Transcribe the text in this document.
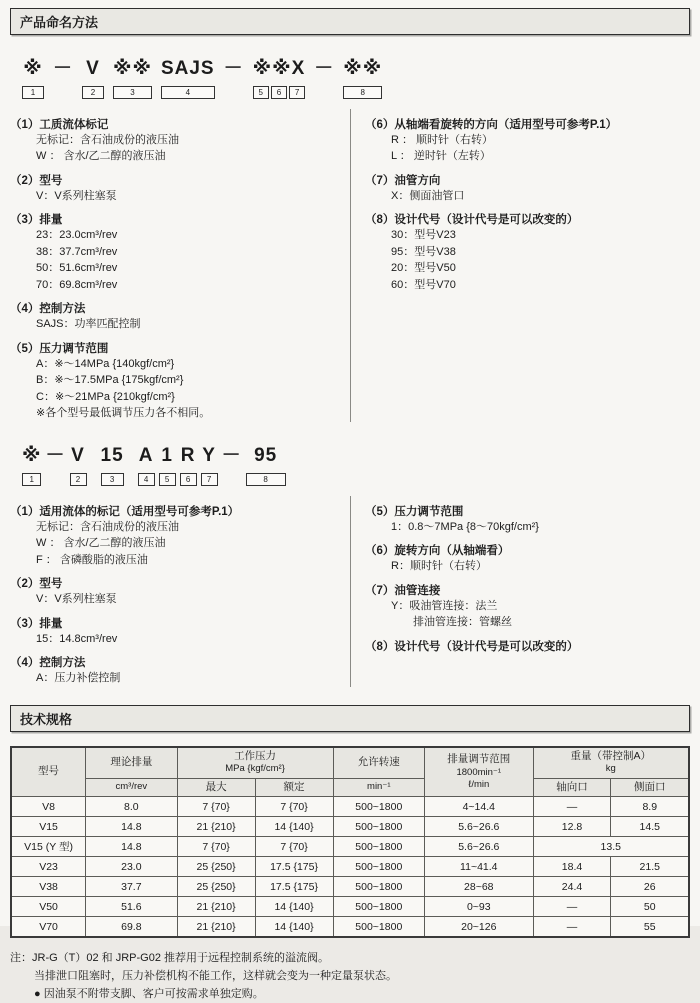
产品命名方法
※
1
－ V
2
※※
3
SAJS
4
－ ※※X
5	6	7
－ ※※
8
（1）工质流体标记
无标记：含石油成份的液压油
W ： 含水/乙二醇的液压油
（2）型号
V：V系列柱塞泵
（3）排量
23：23.0cm³/rev
38：37.7cm³/rev
50：51.6cm³/rev
70：69.8cm³/rev
（4）控制方法
SAJS：功率匹配控制
（5）压力调节范围
A：※～14MPa {140kgf/cm²}
B：※～17.5MPa {175kgf/cm²}
C：※～21MPa {210kgf/cm²}
※各个型号最低调节压力各不相同。
（6）从轴端看旋转的方向（适用型号可参考P.1）
R ： 顺时针（右转）
L ： 逆时针（左转）
（7）油管方向
X：侧面油管口
（8）设计代号（设计代号是可以改变的）
30：型号V23
95：型号V38
20：型号V50
60：型号V70
※
1
－ V
2
15
3
A
4
1
5
R
6
Y
7
－ 95
8
（1）适用流体的标记（适用型号可参考P.1）
无标记：含石油成份的液压油
W ： 含水/乙二醇的液压油
F ： 含磷酸脂的液压油
（2）型号
V：V系列柱塞泵
（3）排量
15：14.8cm³/rev
（4）控制方法
A：压力补偿控制
（5）压力调节范围
1：0.8～7MPa {8～70kgf/cm²}
（6）旋转方向（从轴端看）
R：顺时针（右转）
（7）油管连接
Y：吸油管连接：法兰
　　排油管连接：管螺丝
（8）设计代号（设计代号是可以改变的）
技术规格
型号	理论排量	
工作压力
MPa {kgf/cm²}
	允许转速	排量调节范围
1800min⁻¹
ℓ/min

重量（带控制A）
kg

	cm³/rev	最大	额定	min⁻¹		轴向口	侧面口
V8	8.0	7 {70}	7 {70}	500~1800	4~14.4	—	8.9
V15	14.8	21 {210}	14 {140}	500~1800	5.6~26.6	12.8	14.5
V15 (Y 型)	14.8	7 {70}	7 {70}	500~1800	5.6~26.6	13.5	
V23	23.0	25 {250}	17.5 {175}	500~1800	11~41.4	18.4	21.5
V38	37.7	25 {250}	17.5 {175}	500~1800	28~68	24.4	26
V50	51.6	21 {210}	14 {140}	500~1800	0~93	—	50
V70	69.8	21 {210}	14 {140}	500~1800	20~126	—	55
注：JR-G（T）02 和 JRP-G02 推荐用于远程控制系统的溢流阀。
当排泄口阻塞时，压力补偿机构不能工作，这样就会变为一种定量泵状态。
● 因油泵不附带支脚、客户可按需求单独定购。
